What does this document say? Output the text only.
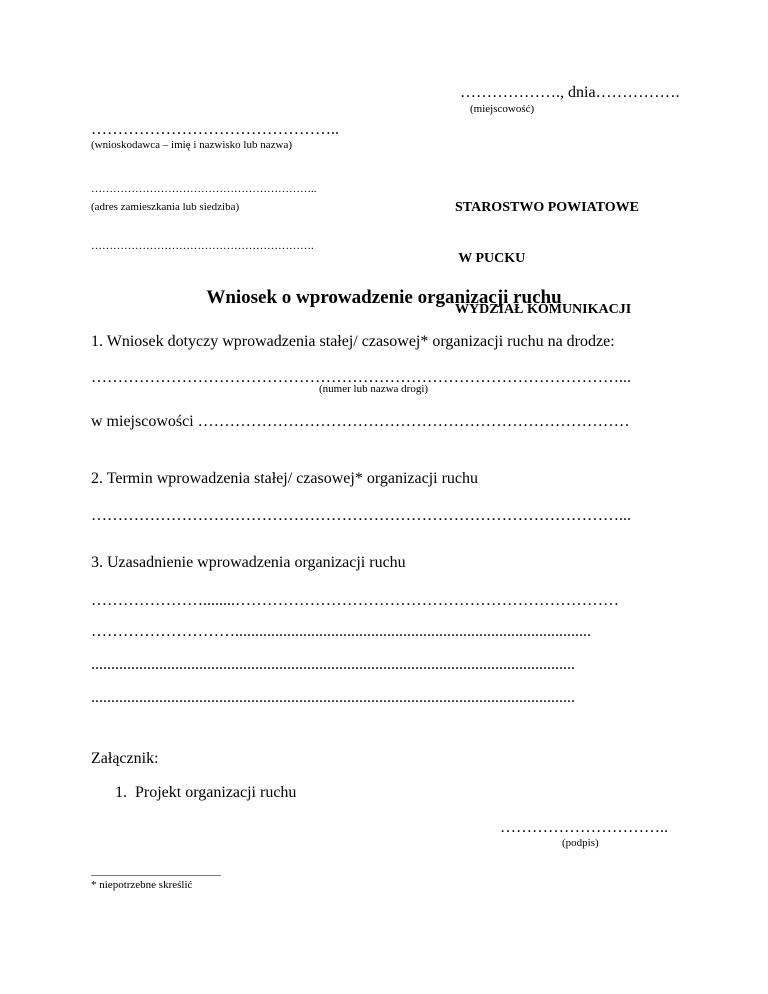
………………., dnia…………….
(miejscowość)
………………………………………..
(wnioskodawca – imię i nazwisko lub nazwa)
……………………………………………………..
(adres zamieszkania lub siedziba)
…………………………………………………….

STAROSTWO POWIATOWE

W PUCKU

WYDZIAŁ KOMUNIKACJI

Wniosek o wprowadzenie organizacji ruchu
1. Wniosek dotyczy wprowadzenia stałej/ czasowej* organizacji ruchu na drodze:
………………………………………………………………………………………...
(numer lub nazwa drogi)
w miejscowości ………………………………………………………………………
2. Termin wprowadzenia stałej/ czasowej* organizacji ruchu
………………………………………………………………………………………...
3. Uzasadnienie wprowadzenia organizacji ruchu
…………………........………………………………………………………………
……………………….........................................................................................
.........................................................................................................................
.........................................................................................................................
Załącznik:
1.  Projekt organizacji ruchu
…………………………..
(podpis)
* niepotrzebne skreślić
